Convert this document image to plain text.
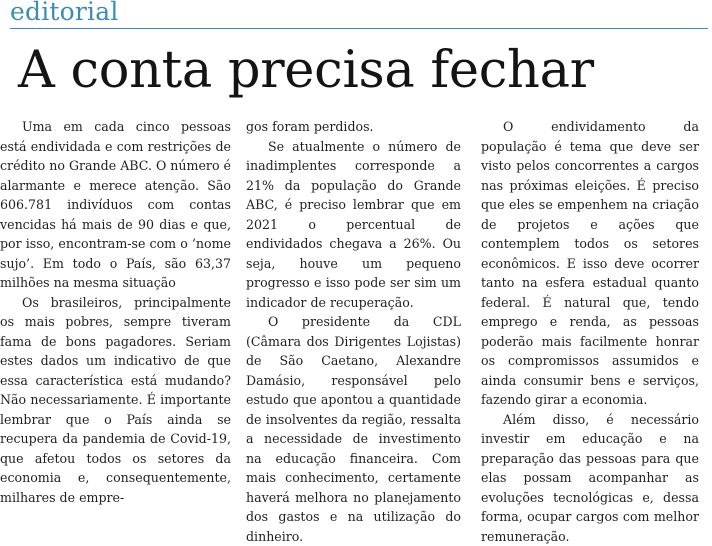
editorial
A conta precisa fechar

Uma em cada cinco pessoas está endividada e com restrições de crédito no Grande ABC. O número é alarmante e merece atenção. São 606.781 indivíduos com contas vencidas há mais de 90 dias e que, por isso, encontram-se com o ‘nome sujo’. Em todo o País, são 63,37 milhões na mesma situação

Os brasileiros, principalmente os mais pobres, sempre tiveram fama de bons pagadores. Seriam estes dados um indicativo de que essa característica está mudando? Não necessariamente. É importante lembrar que o País ainda se recupera da pandemia de Covid-19, que afetou todos os setores da economia e, consequentemente, milhares de empre-

gos foram perdidos.

Se atualmente o número de inadimplentes corresponde a 21% da população do Grande ABC, é preciso lembrar que em 2021 o percentual de endividados chegava a 26%. Ou seja, houve um pequeno progresso e isso pode ser sim um indicador de recuperação.

O presidente da CDL (Câmara dos Dirigentes Lojistas) de São Caetano, Alexandre Damásio, responsável pelo estudo que apontou a quantidade de insolventes da região, ressalta a necessidade de investimento na educação financeira. Com mais conhecimento, certamente haverá melhora no planejamento dos gastos e na utilização do dinheiro.

O endividamento da população é tema que deve ser visto pelos concorrentes a cargos nas próximas eleições. É preciso que eles se empenhem na criação de projetos e ações que contemplem todos os setores econômicos. E isso deve ocorrer tanto na esfera estadual quanto federal. É natural que, tendo emprego e renda, as pessoas poderão mais facilmente honrar os compromissos assumidos e ainda consumir bens e serviços, fazendo girar a economia.

Além disso, é necessário investir em educação e na preparação das pessoas para que elas possam acompanhar as evoluções tecnológicas e, dessa forma, ocupar cargos com melhor remuneração.
